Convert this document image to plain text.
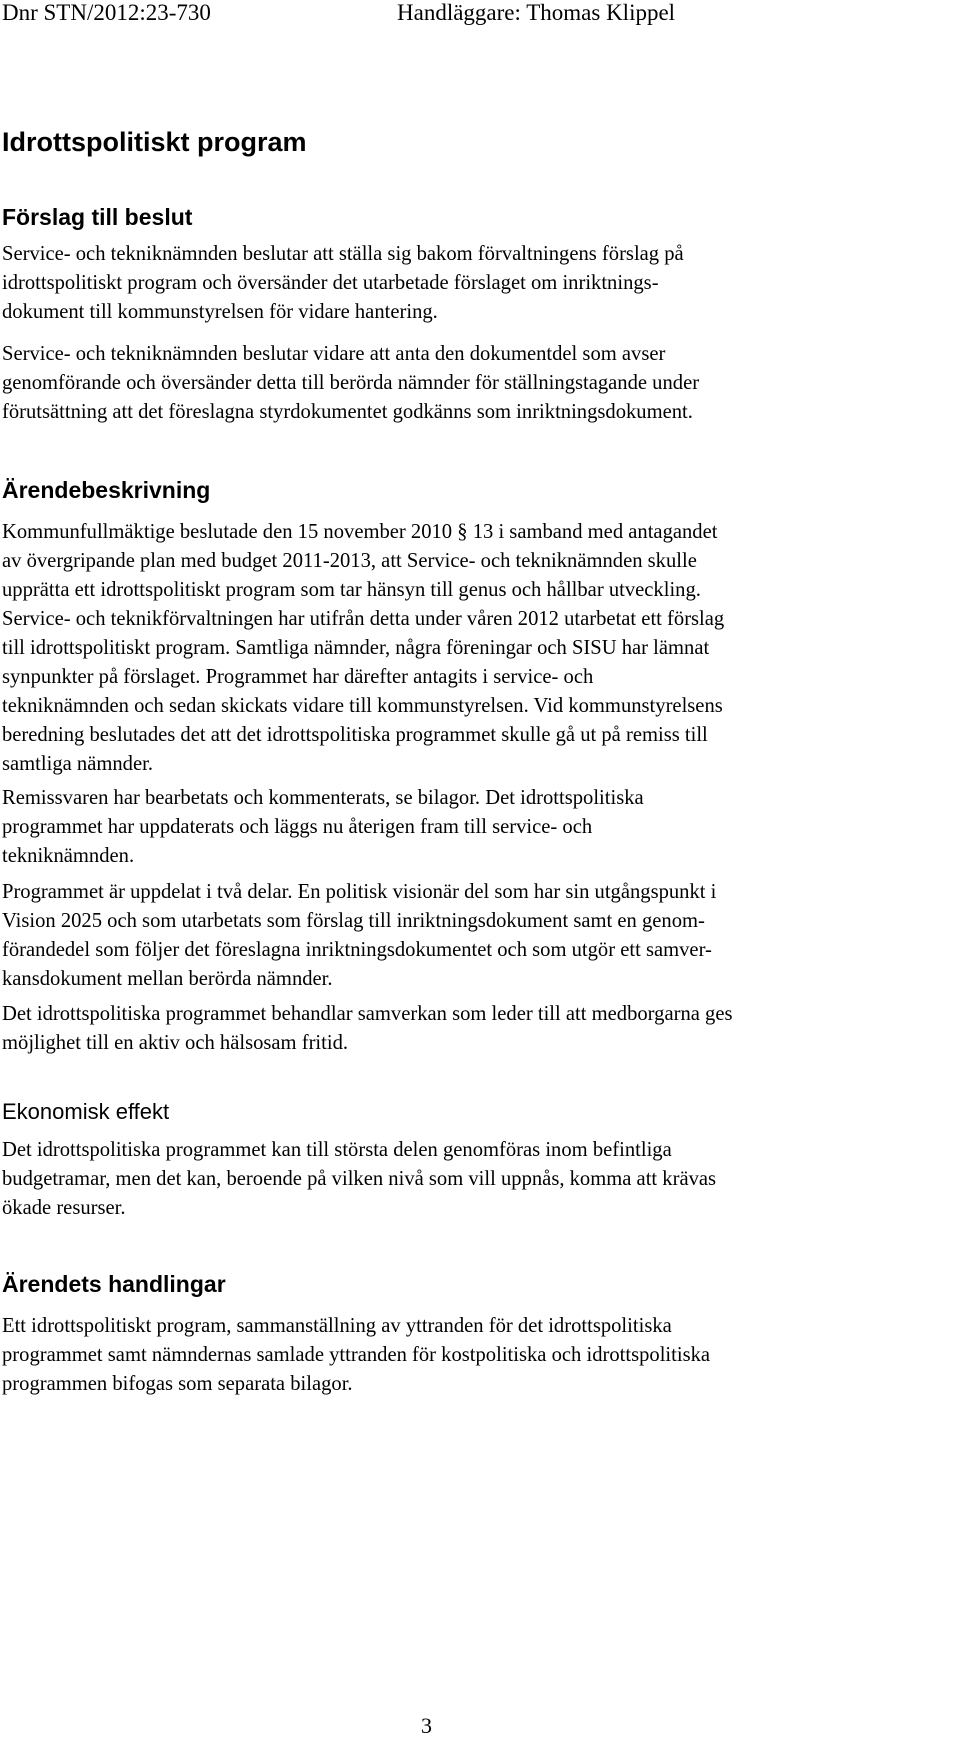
Dnr STN/2012:23-730	Handläggare: Thomas Klippel
Idrottspolitiskt program
Förslag till beslut

Service- och tekniknämnden beslutar att ställa sig bakom förvaltningens förslag på
idrottspolitiskt program och översänder det utarbetade förslaget om inriktnings-
dokument till kommunstyrelsen för vidare hantering.

Service- och tekniknämnden beslutar vidare att anta den dokumentdel som avser
genomförande och översänder detta till berörda nämnder för ställningstagande under
förutsättning att det föreslagna styrdokumentet godkänns som inriktningsdokument.

Ärendebeskrivning

Kommunfullmäktige beslutade den 15 november 2010 § 13 i samband med antagandet
av övergripande plan med budget 2011-2013, att Service- och tekniknämnden skulle
upprätta ett idrottspolitiskt program som tar hänsyn till genus och hållbar utveckling.
Service- och teknikförvaltningen har utifrån detta under våren 2012 utarbetat ett förslag
till idrottspolitiskt program. Samtliga nämnder, några föreningar och SISU har lämnat
synpunkter på förslaget. Programmet har därefter antagits i service- och
tekniknämnden och sedan skickats vidare till kommunstyrelsen. Vid kommunstyrelsens
beredning beslutades det att det idrottspolitiska programmet skulle gå ut på remiss till
samtliga nämnder.

Remissvaren har bearbetats och kommenterats, se bilagor. Det idrottspolitiska
programmet har uppdaterats och läggs nu återigen fram till service- och
tekniknämnden.

Programmet är uppdelat i två delar. En politisk visionär del som har sin utgångspunkt i
Vision 2025 och som utarbetats som förslag till inriktningsdokument samt en genom-
förandedel som följer det föreslagna inriktningsdokumentet och som utgör ett samver-
kansdokument mellan berörda nämnder.

Det idrottspolitiska programmet behandlar samverkan som leder till att medborgarna ges
möjlighet till en aktiv och hälsosam fritid.

Ekonomisk effekt

Det idrottspolitiska programmet kan till största delen genomföras inom befintliga
budgetramar, men det kan, beroende på vilken nivå som vill uppnås, komma att krävas
ökade resurser.

Ärendets handlingar

Ett idrottspolitiskt program, sammanställning av yttranden för det idrottspolitiska
programmet samt nämndernas samlade yttranden för kostpolitiska och idrottspolitiska
programmen bifogas som separata bilagor.

3
